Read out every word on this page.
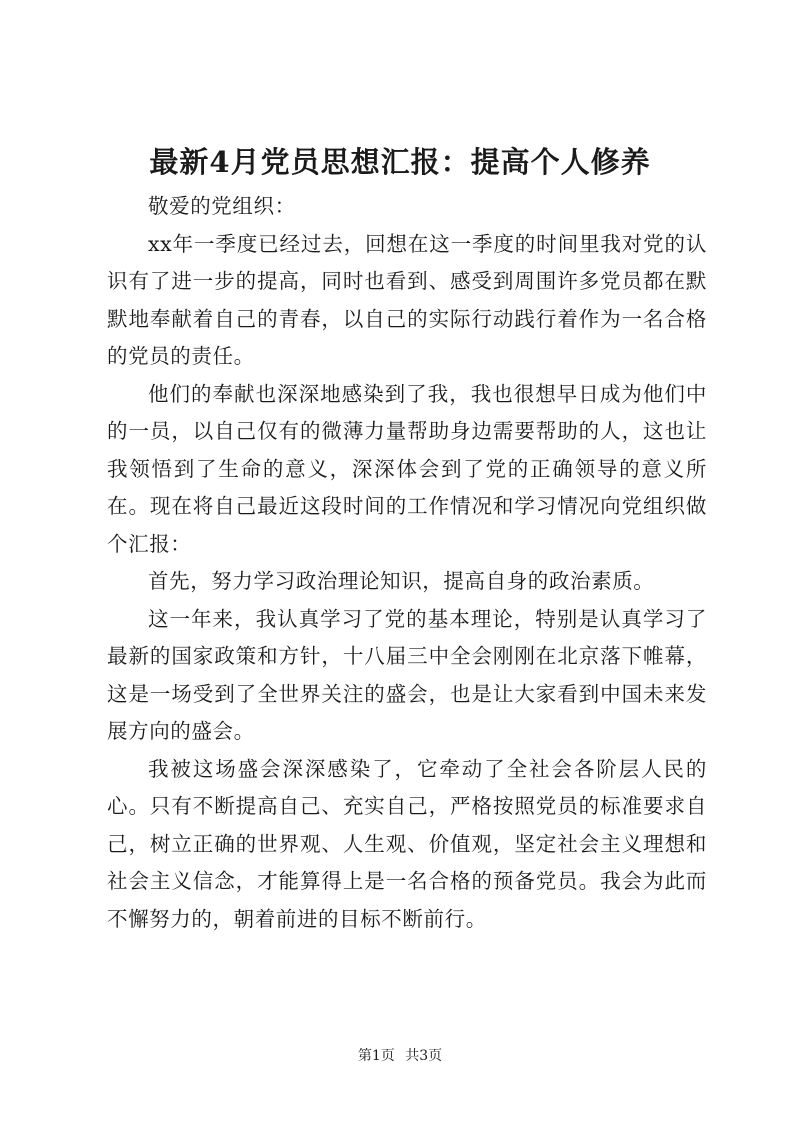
最新4月党员思想汇报：提高个人修养

敬爱的党组织：

xx年一季度已经过去，回想在这一季度的时间里我对党的认识有了进一步的提高，同时也看到、感受到周围许多党员都在默默地奉献着自己的青春，以自己的实际行动践行着作为一名合格的党员的责任。

他们的奉献也深深地感染到了我，我也很想早日成为他们中的一员，以自己仅有的微薄力量帮助身边需要帮助的人，这也让我领悟到了生命的意义，深深体会到了党的正确领导的意义所在。现在将自己最近这段时间的工作情况和学习情况向党组织做个汇报：

首先，努力学习政治理论知识，提高自身的政治素质。

这一年来，我认真学习了党的基本理论，特别是认真学习了最新的国家政策和方针，十八届三中全会刚刚在北京落下帷幕，这是一场受到了全世界关注的盛会，也是让大家看到中国未来发展方向的盛会。

我被这场盛会深深感染了，它牵动了全社会各阶层人民的心。只有不断提高自己、充实自己，严格按照党员的标准要求自己，树立正确的世界观、人生观、价值观，坚定社会主义理想和社会主义信念，才能算得上是一名合格的预备党员。我会为此而不懈努力的，朝着前进的目标不断前行。

第1页 共3页
